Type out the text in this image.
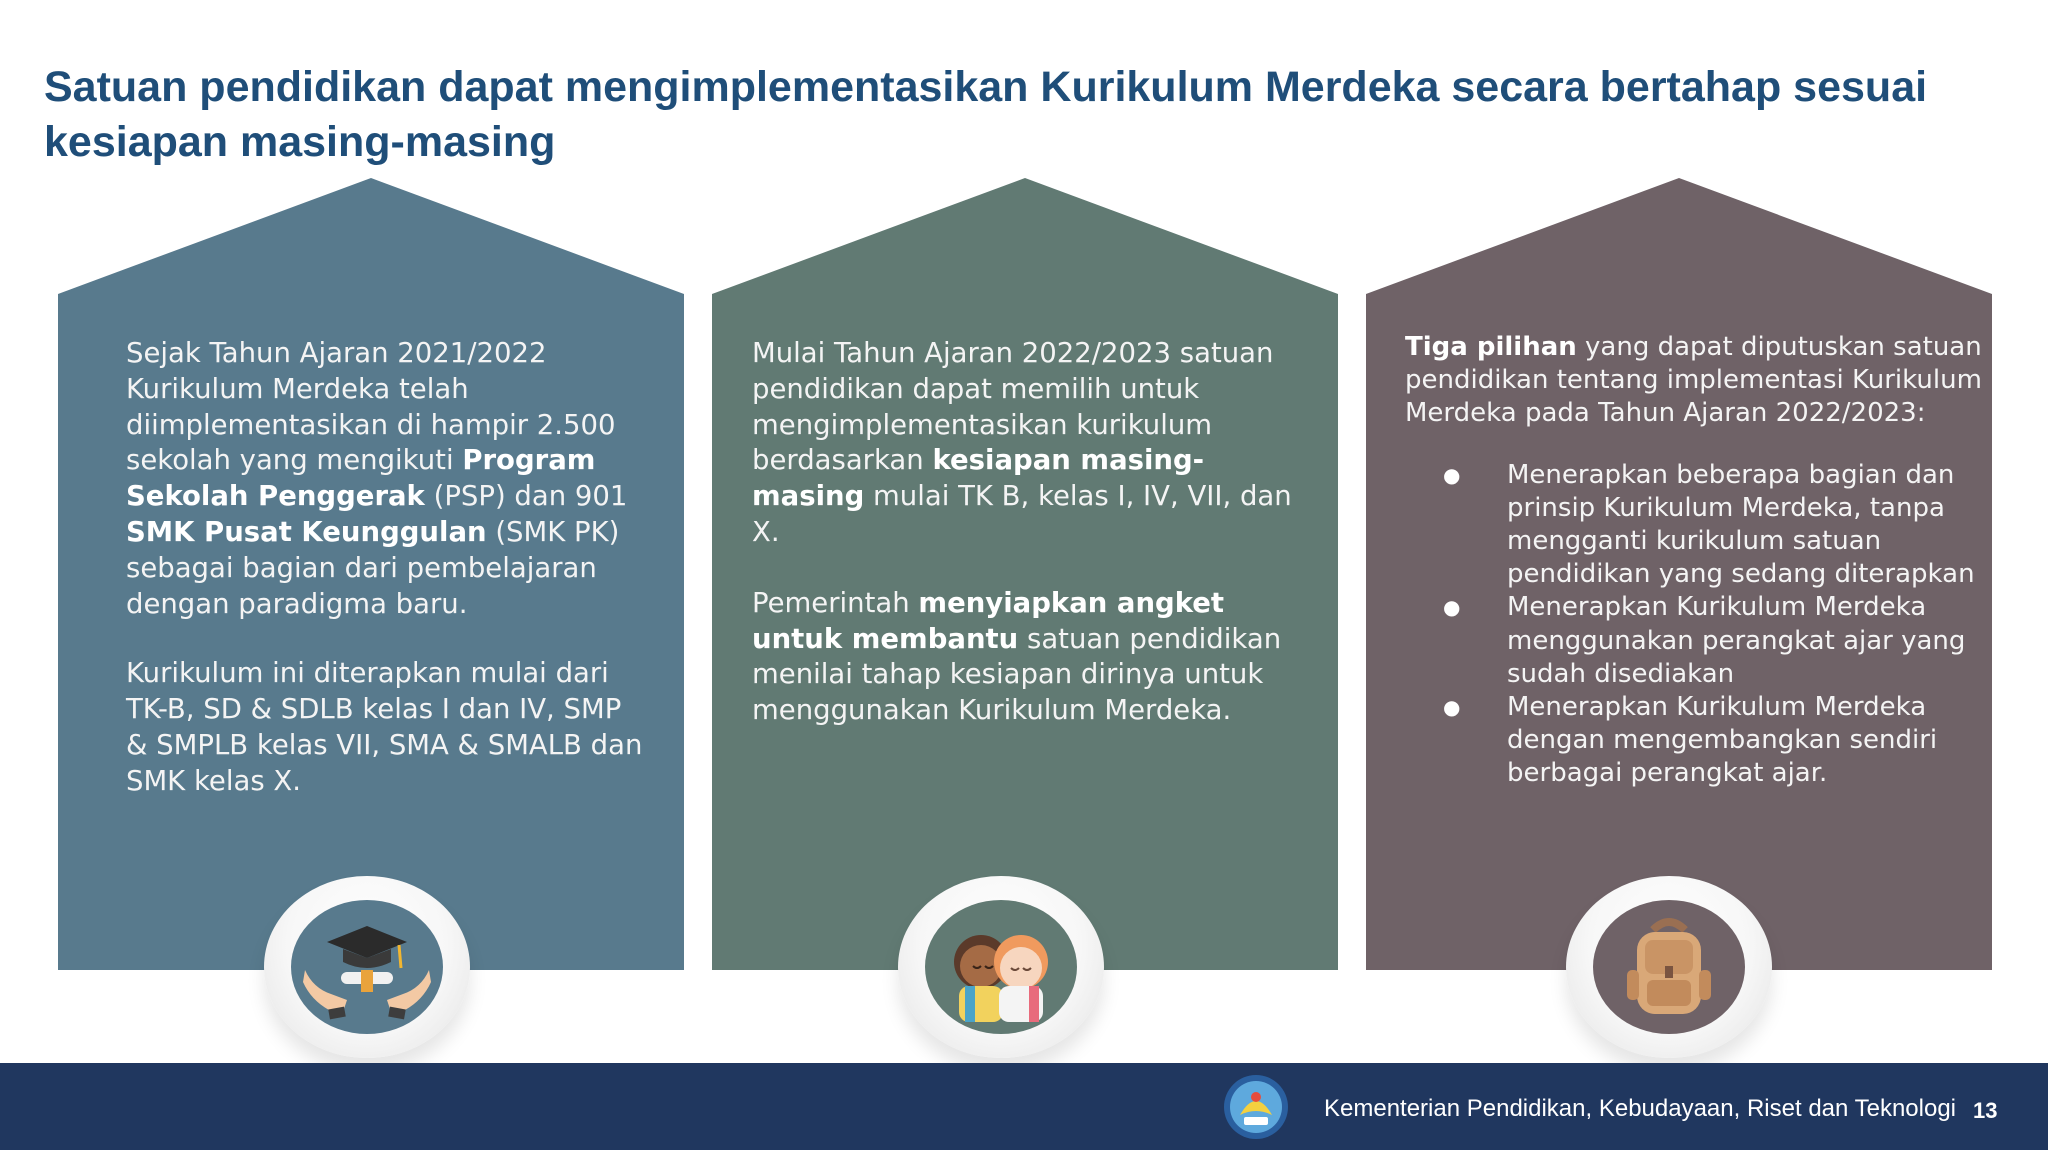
Satuan pendidikan dapat mengimplementasikan Kurikulum Merdeka secara bertahap sesuai kesiapan masing-masing

Sejak Tahun Ajaran 2021/2022 Kurikulum Merdeka telah diimplementasikan di hampir 2.500 sekolah yang mengikuti Program Sekolah Penggerak (PSP) dan 901 SMK Pusat Keunggulan (SMK PK) sebagai bagian dari pembelajaran dengan paradigma baru.

Kurikulum ini diterapkan mulai dari TK-B, SD & SDLB kelas I dan IV, SMP & SMPLB kelas VII, SMA & SMALB dan SMK kelas X.

Mulai Tahun Ajaran 2022/2023 satuan pendidikan dapat memilih untuk mengimplementasikan kurikulum berdasarkan kesiapan masing-masing mulai TK B, kelas I, IV, VII, dan X.

Pemerintah menyiapkan angket untuk membantu satuan pendidikan menilai tahap kesiapan dirinya untuk menggunakan Kurikulum Merdeka.

Tiga pilihan yang dapat diputuskan satuan pendidikan tentang implementasi Kurikulum Merdeka pada Tahun Ajaran 2022/2023:

● Menerapkan beberapa bagian dan prinsip Kurikulum Merdeka, tanpa mengganti kurikulum satuan pendidikan yang sedang diterapkan
● Menerapkan Kurikulum Merdeka menggunakan perangkat ajar yang sudah disediakan
● Menerapkan Kurikulum Merdeka dengan mengembangkan sendiri berbagai perangkat ajar.
Kementerian Pendidikan, Kebudayaan, Riset dan Teknologi 13
